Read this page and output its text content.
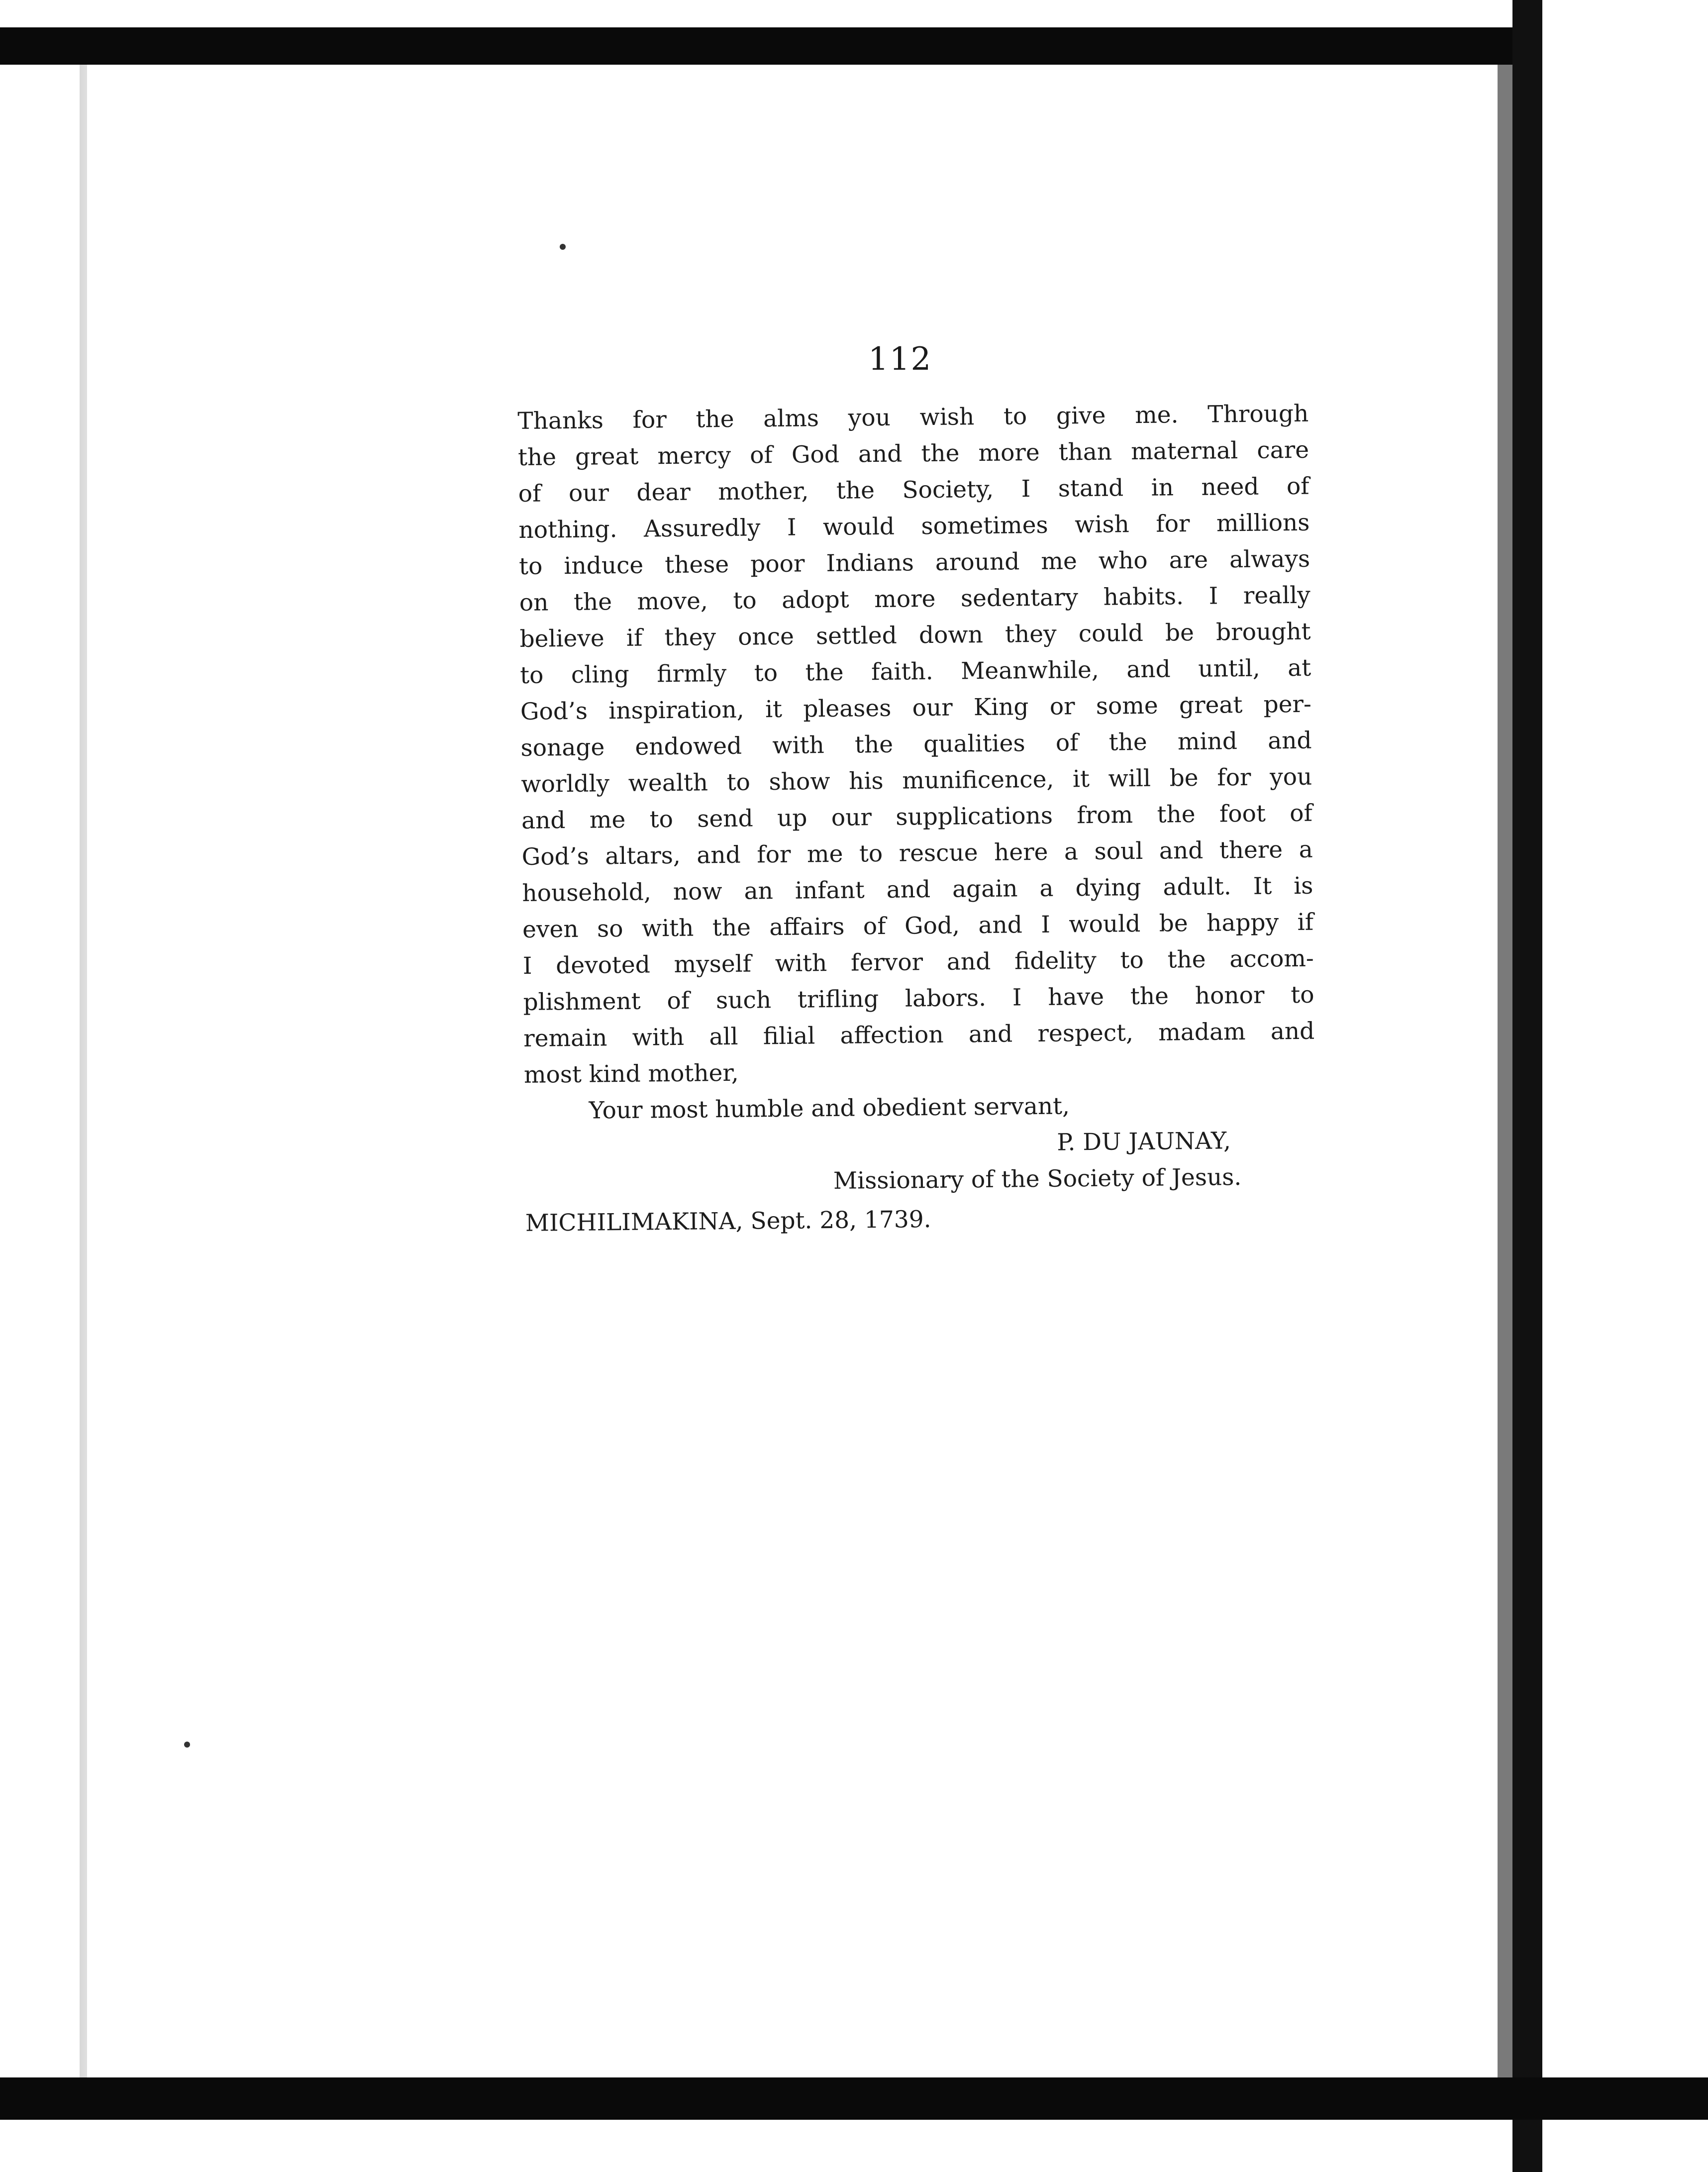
112
Thanks for the alms you wish to give me. Through
the great mercy of God and the more than maternal care
of our dear mother, the Society, I stand in need of
nothing. Assuredly I would sometimes wish for millions
to induce these poor Indians around me who are always
on the move, to adopt more sedentary habits. I really
believe if they once settled down they could be brought
to cling firmly to the faith. Meanwhile, and until, at
God’s inspiration, it pleases our King or some great per-
sonage endowed with the qualities of the mind and
worldly wealth to show his munificence, it will be for you
and me to send up our supplications from the foot of
God’s altars, and for me to rescue here a soul and there a
household, now an infant and again a dying adult. It is
even so with the affairs of God, and I would be happy if
I devoted myself with fervor and fidelity to the accom-
plishment of such trifling labors. I have the honor to
remain with all filial affection and respect, madam and
most kind mother,
Your most humble and obedient servant,
P. DU JAUNAY,
Missionary of the Society of Jesus.
MICHILIMAKINA, Sept. 28, 1739.
